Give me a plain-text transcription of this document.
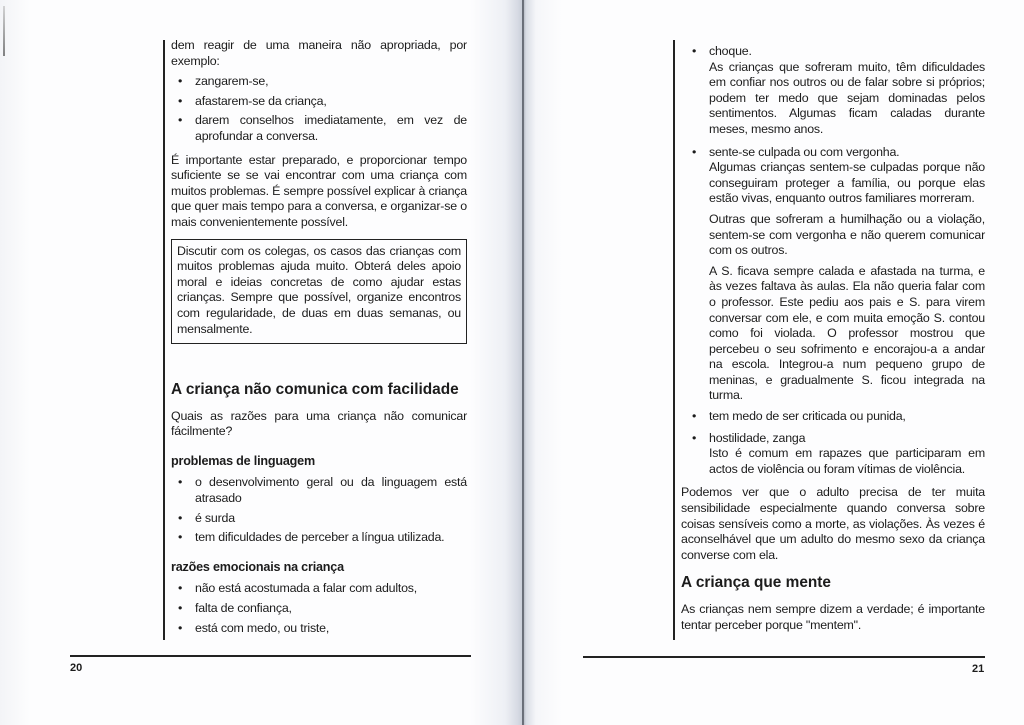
20	21

dem reagir de uma maneira não apropriada, por exemplo:

• zangarem-se,
• afastarem-se da criança,
• darem conselhos imediatamente, em vez de aprofundar a conversa.

É importante estar preparado, e proporcionar tempo suficiente se se vai encontrar com uma criança com muitos problemas. É sempre possível explicar à criança que quer mais tempo para a conversa, e organizar-se o mais convenientemente possível.

Discutir com os colegas, os casos das crianças com muitos problemas ajuda muito. Obterá deles apoio moral e ideias concretas de como ajudar estas crianças. Sempre que possível, organize encontros com regularidade, de duas em duas semanas, ou mensalmente.

A criança não comunica com facilidade

Quais as razões para uma criança não comunicar fácilmente?

problemas de linguagem
• o desenvolvimento geral ou da linguagem está atrasado
• é surda
• tem dificuldades de perceber a língua utilizada.
razões emocionais na criança
• não está acostumada a falar com adultos,
• falta de confiança,
• está com medo, ou triste,
• choque.
As crianças que sofreram muito, têm dificuldades em confiar nos outros ou de falar sobre si próprios; podem ter medo que sejam dominadas pelos sentimentos. Algumas ficam caladas durante meses, mesmo anos.
• sente-se culpada ou com vergonha.
Algumas crianças sentem-se culpadas porque não conseguiram proteger a família, ou porque elas estão vivas, enquanto outros familiares morreram.
Outras que sofreram a humilhação ou a violação, sentem-se com vergonha e não querem comunicar com os outros.
A S. ficava sempre calada e afastada na turma, e às vezes faltava às aulas. Ela não queria falar com o professor. Este pediu aos pais e S. para virem conversar com ele, e com muita emoção S. contou como foi violada. O professor mostrou que percebeu o seu sofrimento e encorajou-a a andar na escola. Integrou-a num pequeno grupo de meninas, e gradualmente S. ficou integrada na turma.
• tem medo de ser criticada ou punida,
• hostilidade, zanga
Isto é comum em rapazes que participaram em actos de violência ou foram vítimas de violência.

Podemos ver que o adulto precisa de ter muita sensibilidade especialmente quando conversa sobre coisas sensíveis como a morte, as violações. Às vezes é aconselhável que um adulto do mesmo sexo da criança converse com ela.

A criança que mente

As crianças nem sempre dizem a verdade; é importante tentar perceber porque "mentem".
